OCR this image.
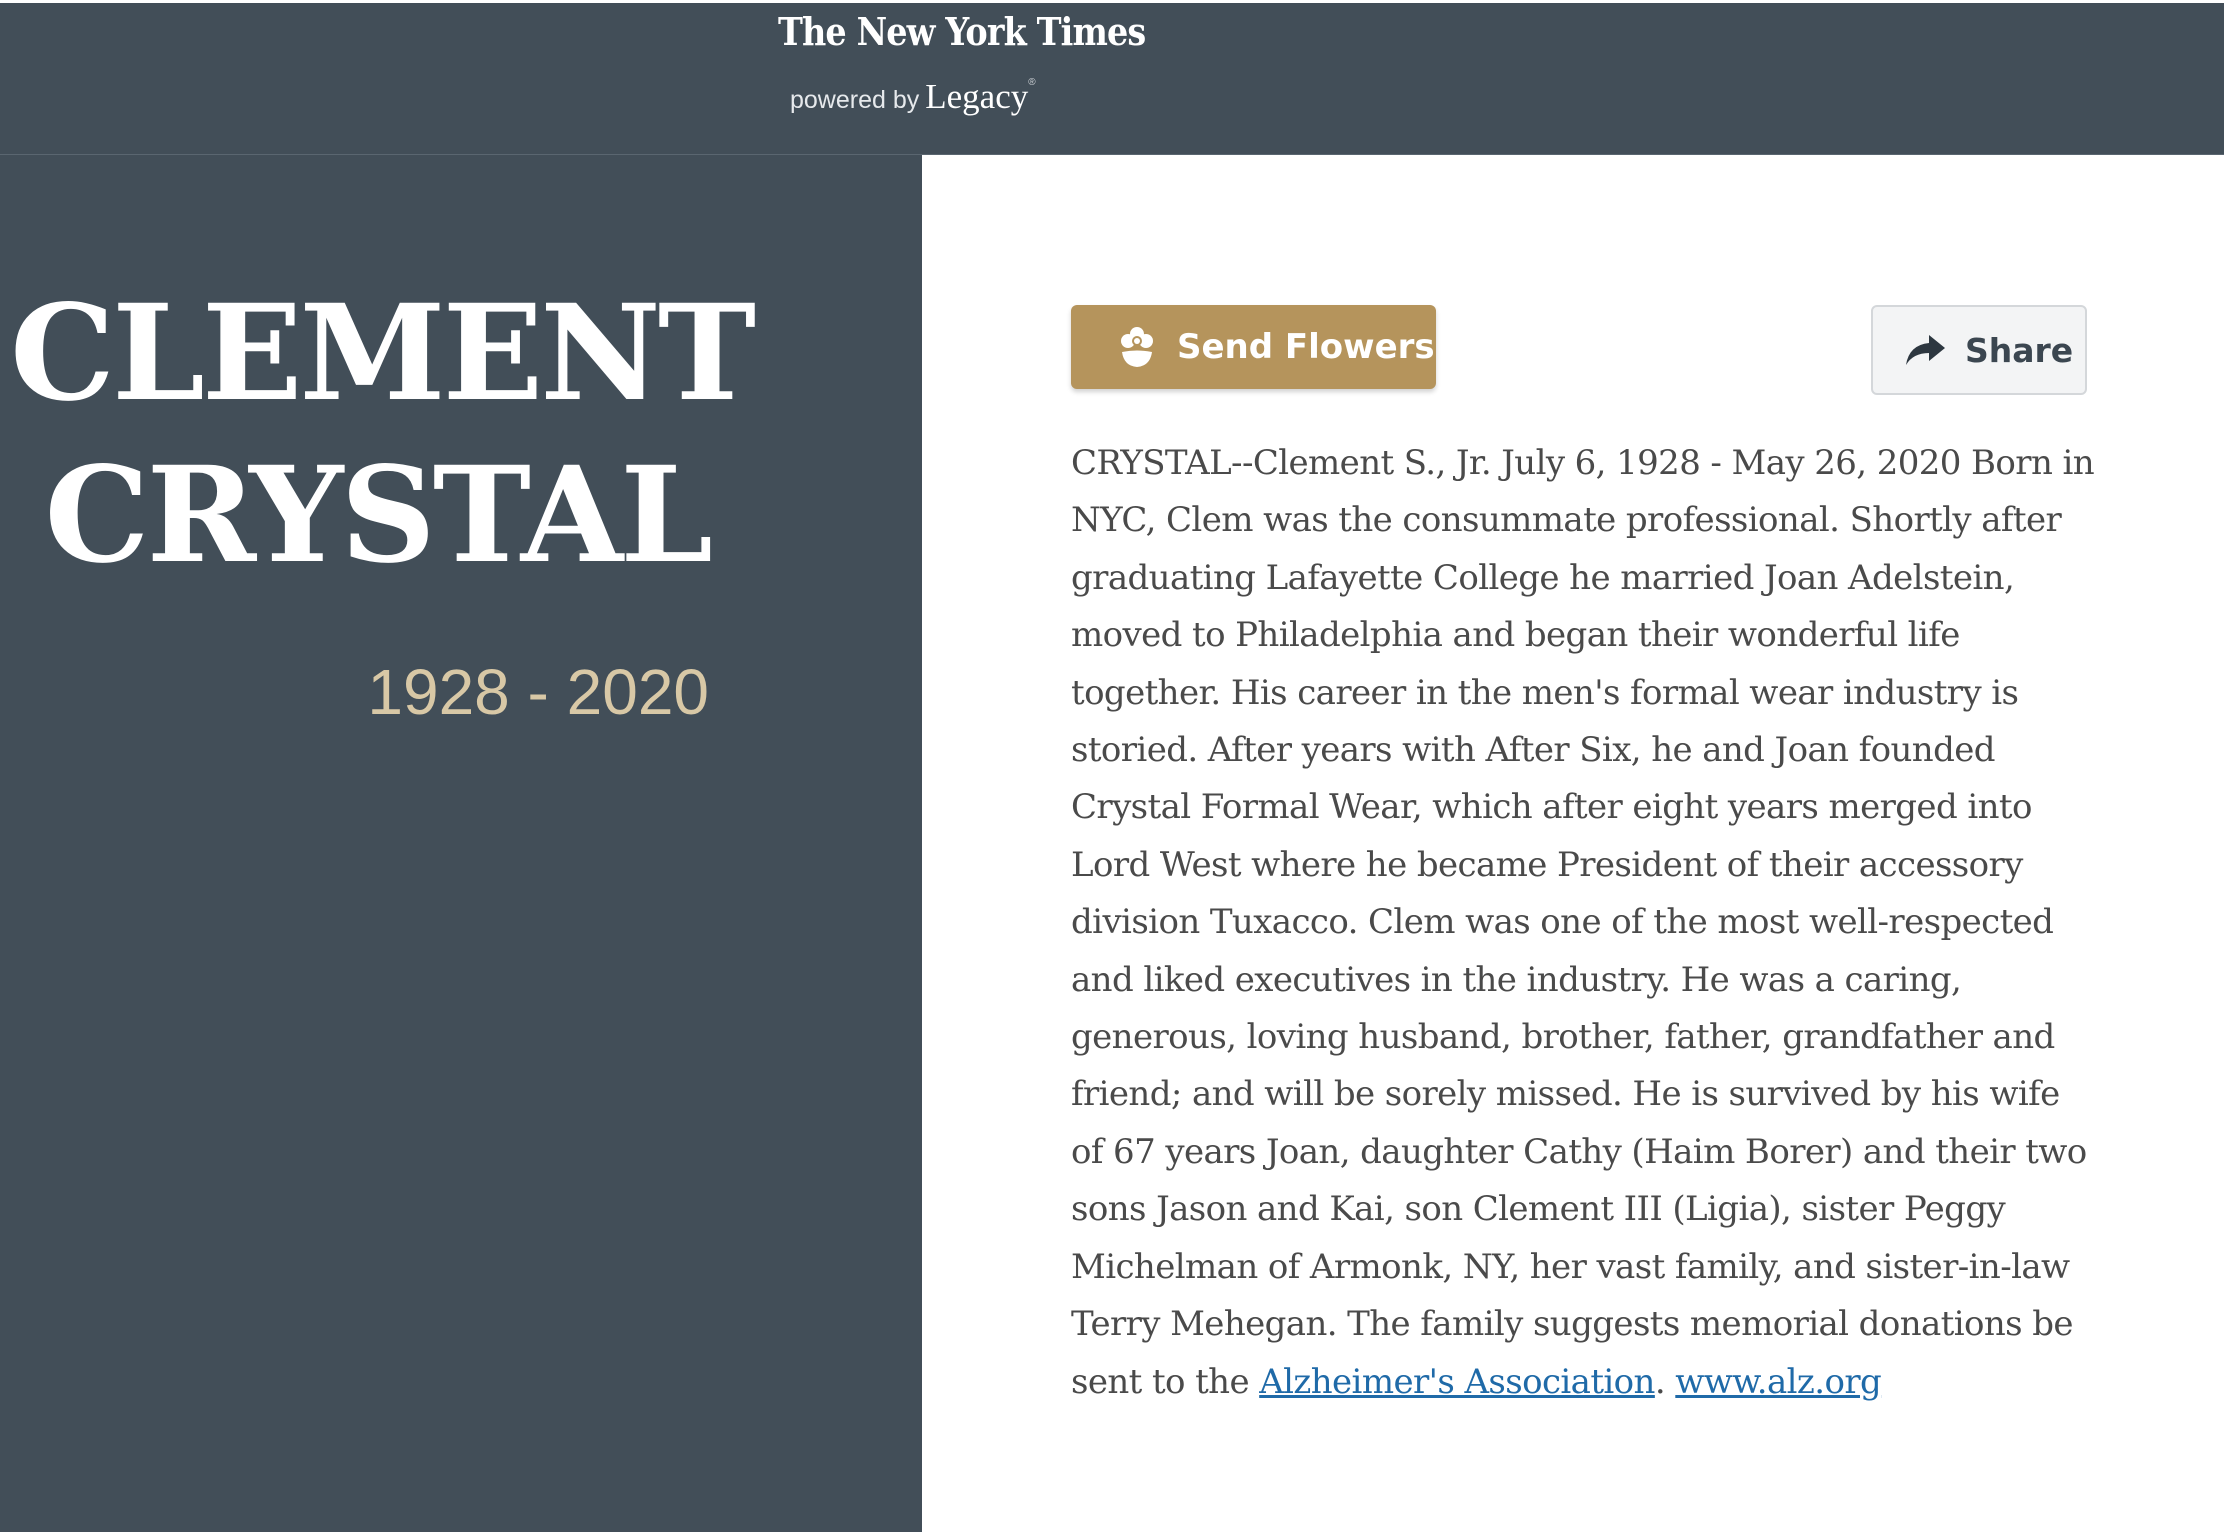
The New York Times
powered by Legacy®
CLEMENT
CRYSTAL
1928 - 2020
Send Flowers	Share
CRYSTAL--Clement S., Jr. July 6, 1928 - May 26, 2020 Born in NYC, Clem was the consummate professional. Shortly after graduating Lafayette College he married Joan Adelstein, moved to Philadelphia and began their wonderful life together. His career in the men's formal wear industry is storied. After years with After Six, he and Joan founded Crystal Formal Wear, which after eight years merged into Lord West where he became President of their accessory division Tuxacco. Clem was one of the most well-respected and liked executives in the industry. He was a caring, generous, loving husband, brother, father, grandfather and friend; and will be sorely missed. He is survived by his wife of 67 years Joan, daughter Cathy (Haim Borer) and their two sons Jason and Kai, son Clement III (Ligia), sister Peggy Michelman of Armonk, NY, her vast family, and sister-in-law Terry Mehegan. The family suggests memorial donations be sent to the Alzheimer's Association. www.alz.org
